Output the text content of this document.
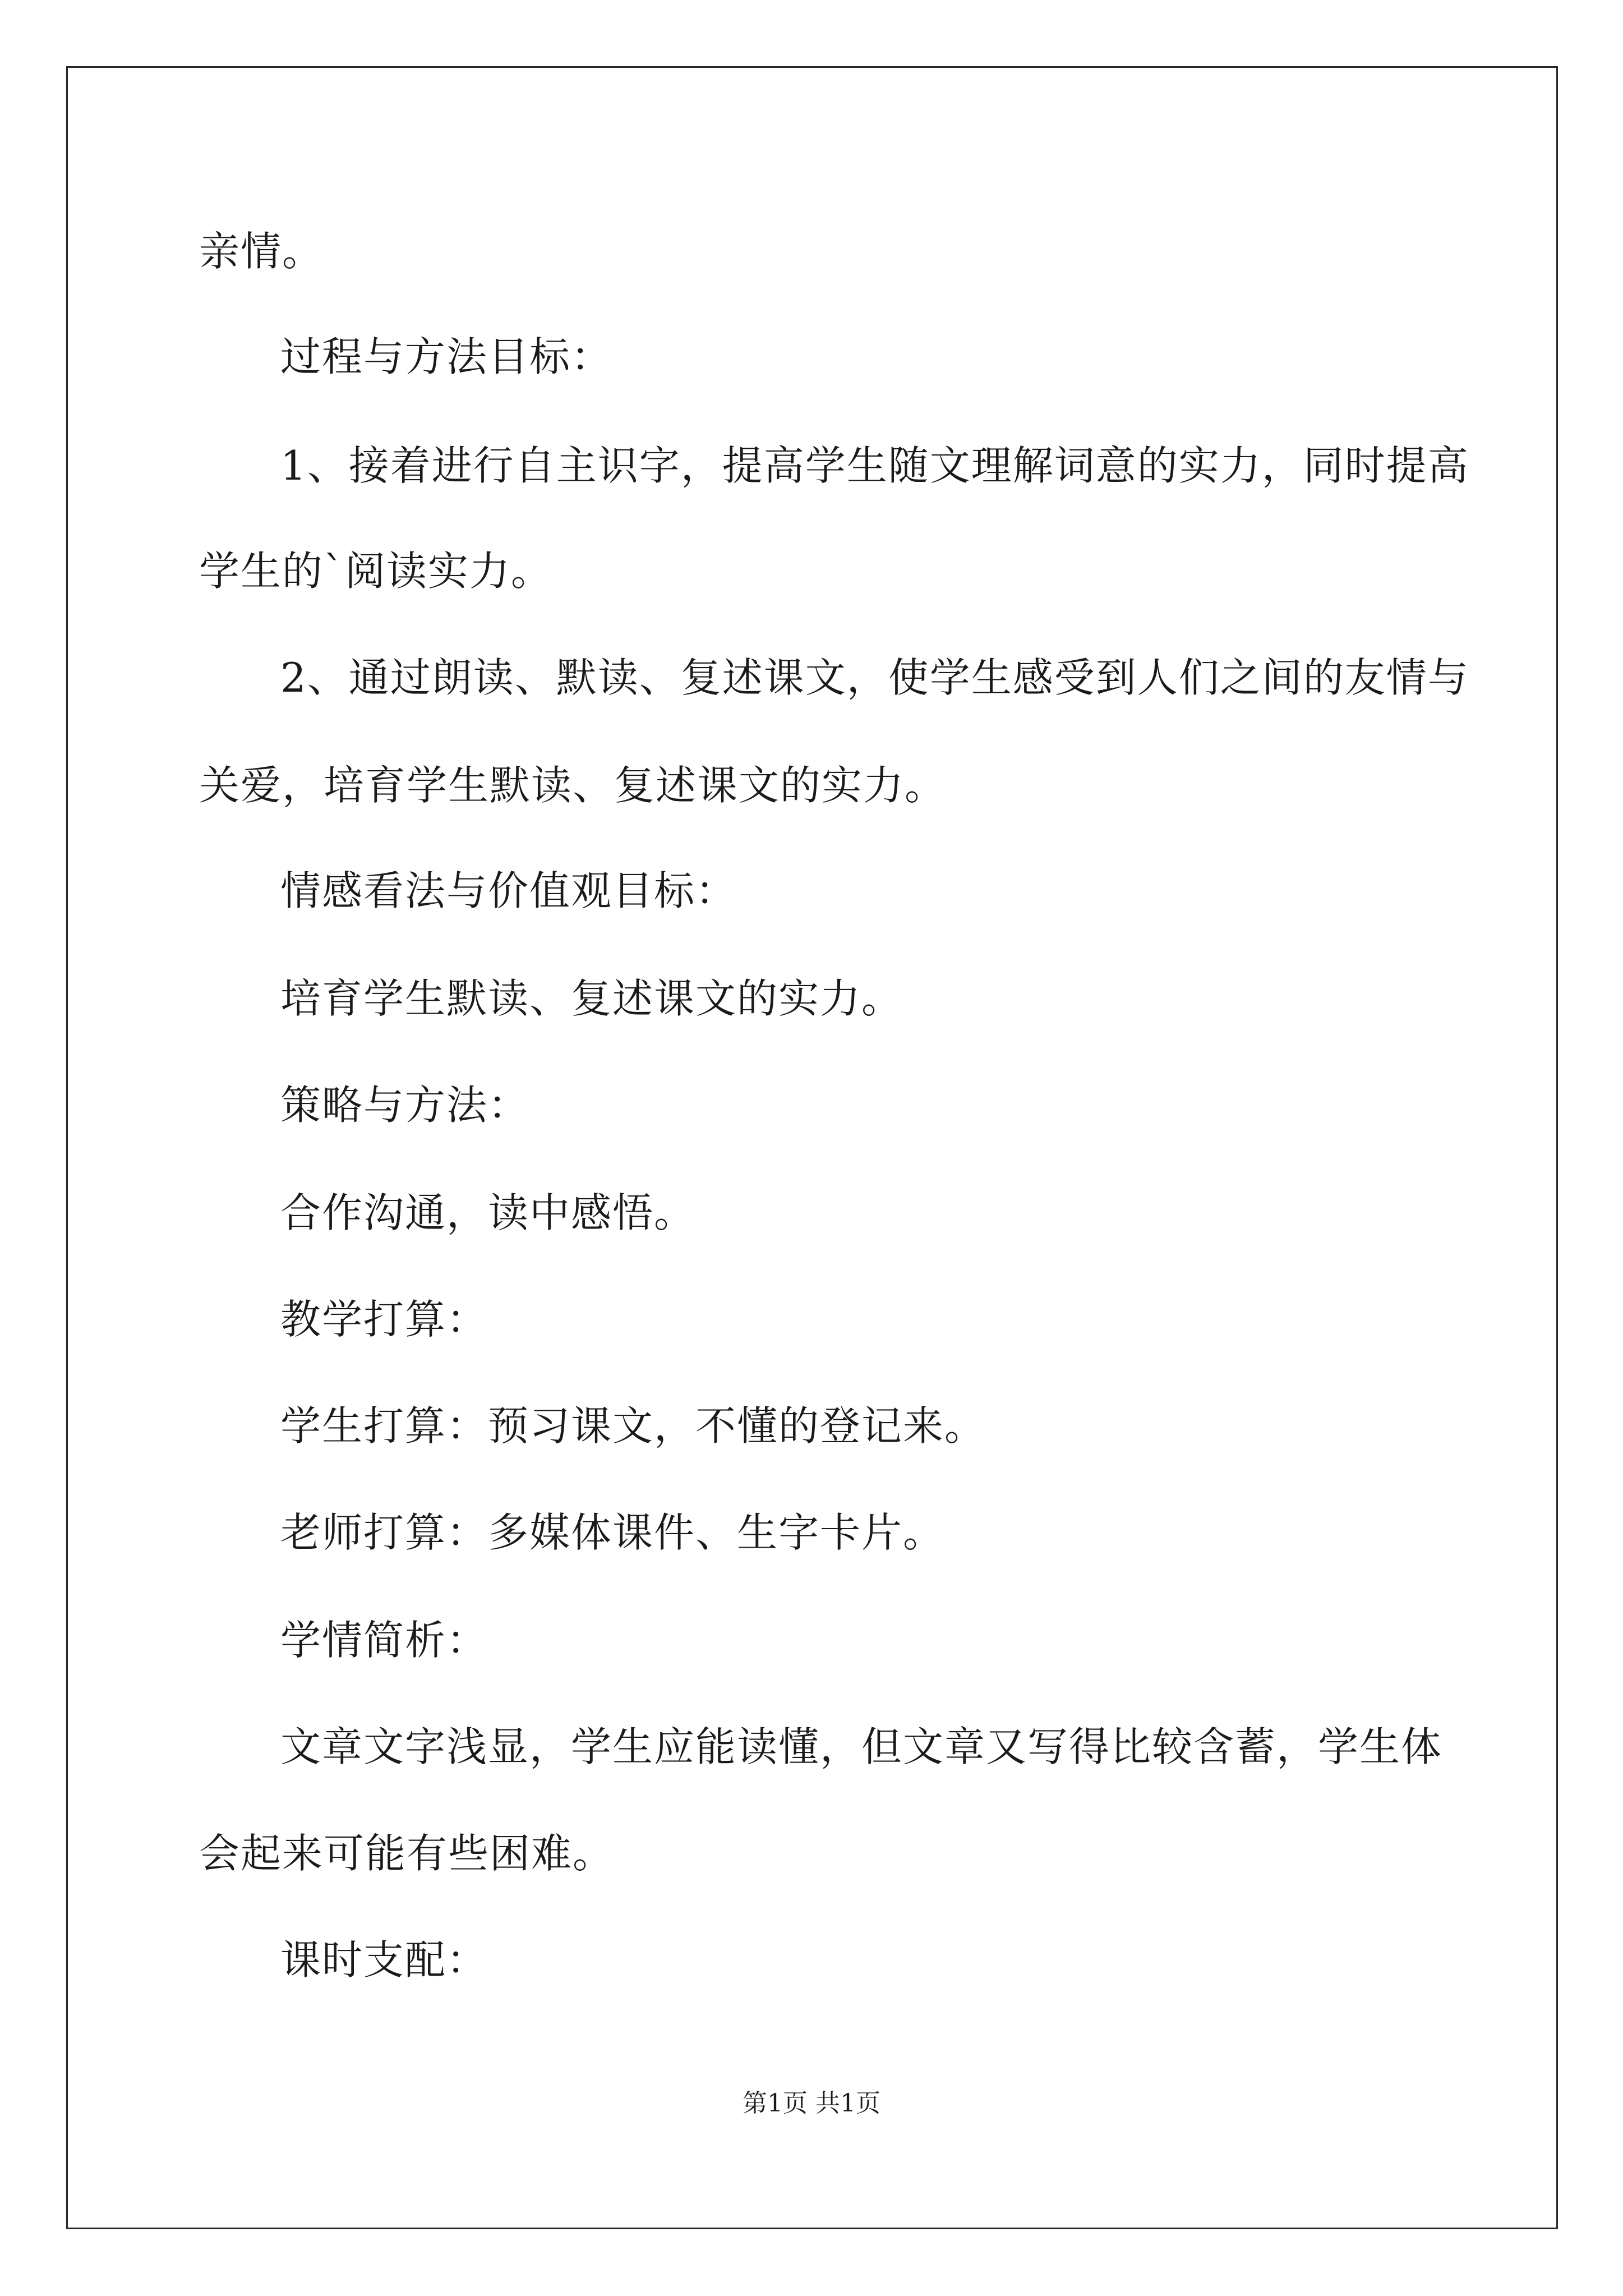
亲情。

过程与方法目标：

1、接着进行自主识字，提高学生随文理解词意的实力，同时提高

学生的`阅读实力。

2、通过朗读、默读、复述课文，使学生感受到人们之间的友情与

关爱，培育学生默读、复述课文的实力。

情感看法与价值观目标：

培育学生默读、复述课文的实力。

策略与方法：

合作沟通，读中感悟。

教学打算：

学生打算：预习课文，不懂的登记来。

老师打算：多媒体课件、生字卡片。

学情简析：

文章文字浅显，学生应能读懂，但文章又写得比较含蓄，学生体

会起来可能有些困难。

课时支配：

第1页 共1页
